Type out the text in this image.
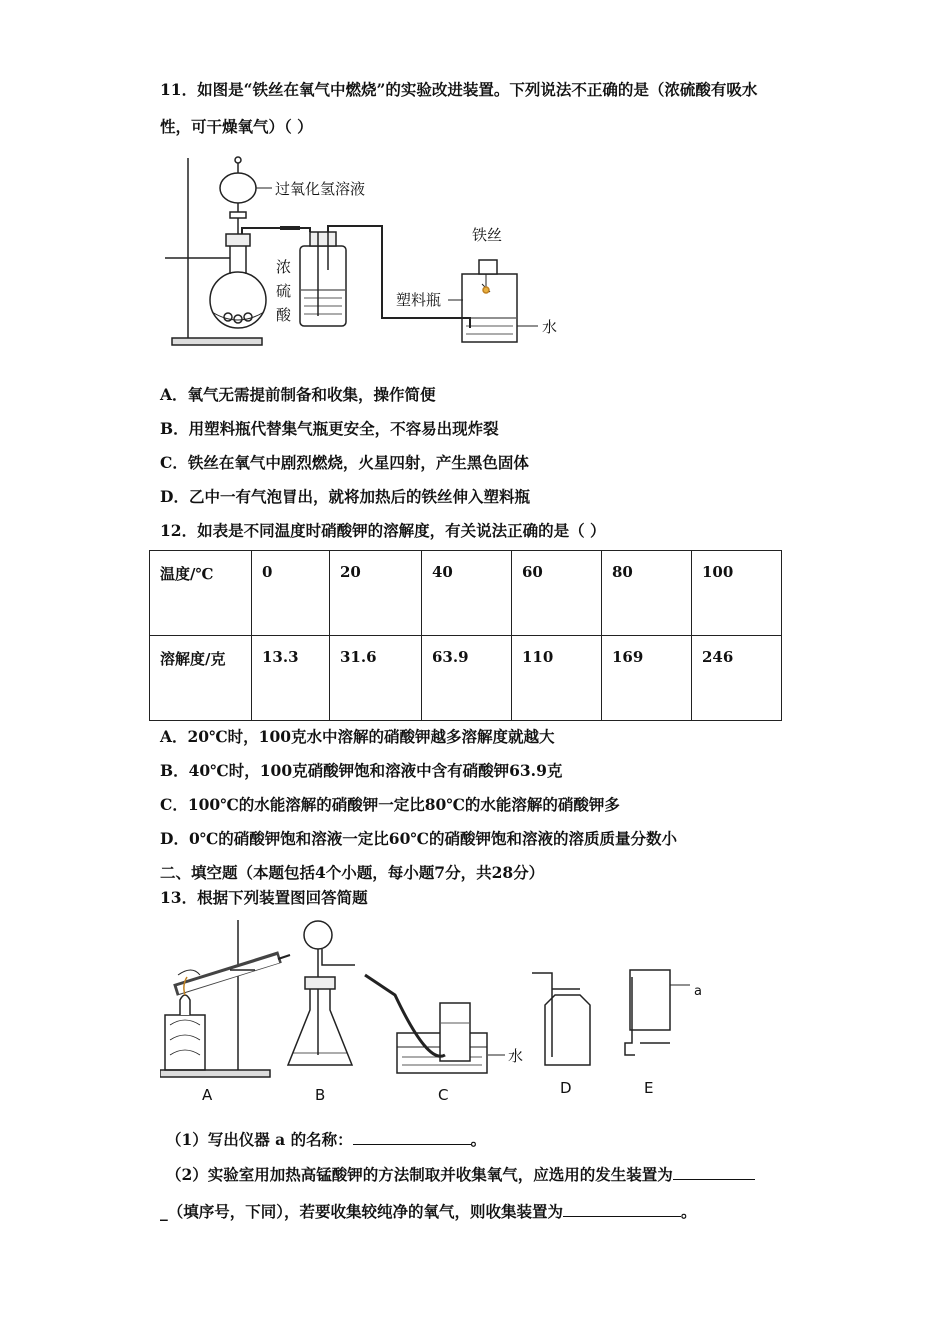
11．如图是“铁丝在氧气中燃烧”的实验改进装置。下列说法不正确的是（浓硫酸有吸水
性，可干燥氧气）（ ）
过氧化氢溶液
浓
硫
酸
水
铁丝
塑料瓶
A．氧气无需提前制备和收集，操作简便
B．用塑料瓶代替集气瓶更安全，不容易出现炸裂
C．铁丝在氧气中剧烈燃烧，火星四射，产生黑色固体
D．乙中一有气泡冒出，就将加热后的铁丝伸入塑料瓶
12．如表是不同温度时硝酸钾的溶解度，有关说法正确的是（ ）
温度/℃	0	20	40	60	80	100
溶解度/克	13.3	31.6	63.9	110	169	246
A．20℃时，100克水中溶解的硝酸钾越多溶解度就越大
B．40℃时，100克硝酸钾饱和溶液中含有硝酸钾63.9克
C．100℃的水能溶解的硝酸钾一定比80℃的水能溶解的硝酸钾多
D．0℃的硝酸钾饱和溶液一定比60℃的硝酸钾饱和溶液的溶质质量分数小
二、填空题（本题包括4个小题，每小题7分，共28分）
13．根据下列装置图回答简题
A	B
水
C	D
a
E
（1）写出仪器 a 的名称：	。
（2）实验室用加热高锰酸钾的方法制取并收集氧气，应选用的发生装置为
_（填序号，下同），若要收集较纯净的氧气，则收集装置为	。
